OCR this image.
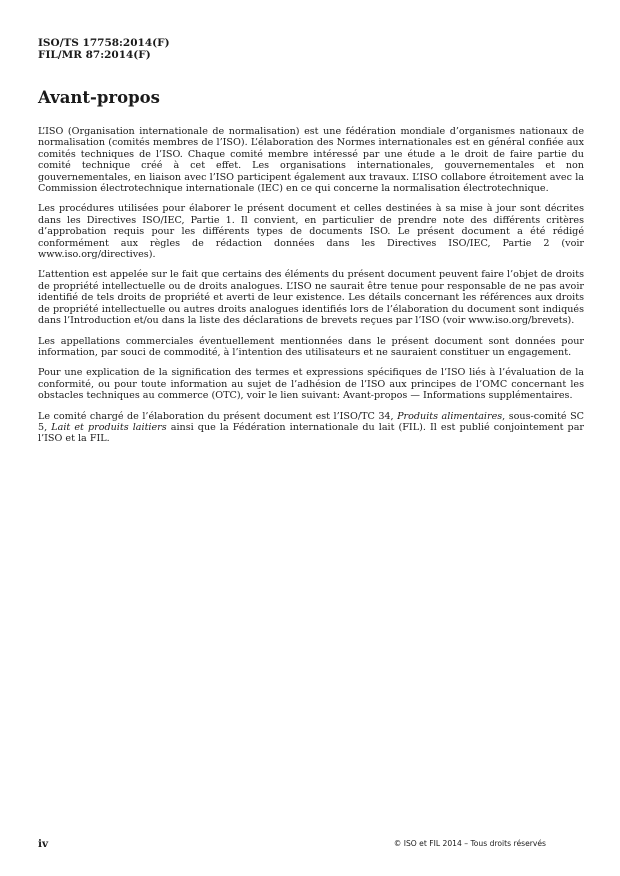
ISO/TS 17758:2014(F)
FIL/MR 87:2014(F)
Avant-propos

L’ISO (Organisation internationale de normalisation) est une fédération mondiale d’organismes nationaux de normalisation (comités membres de l’ISO). L’élaboration des Normes internationales est en général confiée aux comités techniques de l’ISO. Chaque comité membre intéressé par une étude a le droit de faire partie du comité technique créé à cet effet. Les organisations internationales, gouvernementales et non gouvernementales, en liaison avec l’ISO participent également aux travaux. L’ISO collabore étroitement avec la Commission électrotechnique internationale (IEC) en ce qui concerne la normalisation électrotechnique.

Les procédures utilisées pour élaborer le présent document et celles destinées à sa mise à jour sont décrites dans les Directives ISO/IEC, Partie 1. Il convient, en particulier de prendre note des différents critères d’approbation requis pour les différents types de documents ISO. Le présent document a été rédigé conformément aux règles de rédaction données dans les Directives ISO/IEC, Partie 2 (voir www.iso.org/directives).

L’attention est appelée sur le fait que certains des éléments du présent document peuvent faire l’objet de droits de propriété intellectuelle ou de droits analogues. L’ISO ne saurait être tenue pour responsable de ne pas avoir identifié de tels droits de propriété et averti de leur existence. Les détails concernant les références aux droits de propriété intellectuelle ou autres droits analogues identifiés lors de l’élaboration du document sont indiqués dans l’Introduction et/ou dans la liste des déclarations de brevets reçues par l’ISO (voir www.iso.org/brevets).

Les appellations commerciales éventuellement mentionnées dans le présent document sont données pour information, par souci de commodité, à l’intention des utilisateurs et ne sauraient constituer un engagement.

Pour une explication de la signification des termes et expressions spécifiques de l’ISO liés à l’évaluation de la conformité, ou pour toute information au sujet de l’adhésion de l’ISO aux principes de l’OMC concernant les obstacles techniques au commerce (OTC), voir le lien suivant: Avant-propos — Informations supplémentaires.

Le comité chargé de l’élaboration du présent document est l’ISO/TC 34, Produits alimentaires, sous-comité SC 5, Lait et produits laitiers ainsi que la Fédération internationale du lait (FIL). Il est publié conjointement par l’ISO et la FIL.

iv	© ISO et FIL 2014 – Tous droits réservés
